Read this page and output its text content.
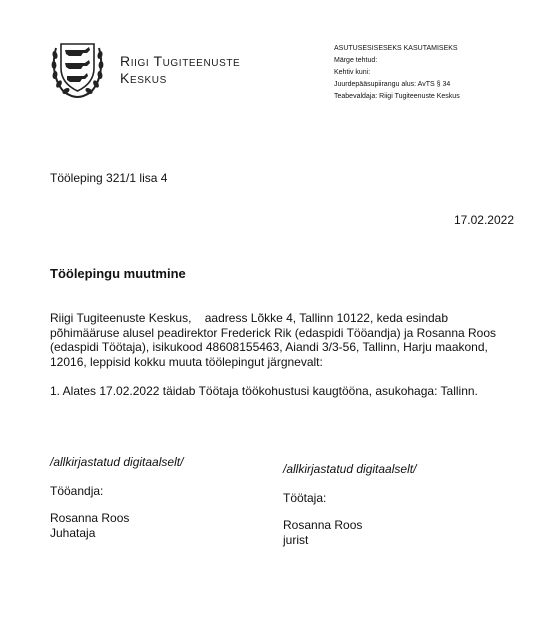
Riigi Tugiteenuste
Keskus
ASUTUSESISESEKS KASUTAMISEKS
Märge tehtud:
Kehtiv kuni:
Juurdepääsupiirangu alus: AvTS § 34
Teabevaldaja: Riigi Tugiteenuste Keskus
Tööleping 321/1 lisa 4
17.02.2022
Töölepingu muutmine
Riigi Tugiteenuste Keskus,    aadress Lõkke 4, Tallinn 10122, keda esindab põhimääruse alusel peadirektor Frederick Rik (edaspidi Tööandja) ja Rosanna Roos (edaspidi Töötaja), isikukood 48608155463, Aiandi 3/3-56, Tallinn, Harju maakond, 12016, leppisid kokku muuta töölepingut järgnevalt:
1. Alates 17.02.2022 täidab Töötaja töökohustusi kaugtööna, asukohaga: Tallinn.
/allkirjastatud digitaalselt/
Tööandja:
Rosanna Roos
Juhataja
/allkirjastatud digitaalselt/
Töötaja:
Rosanna Roos
jurist
